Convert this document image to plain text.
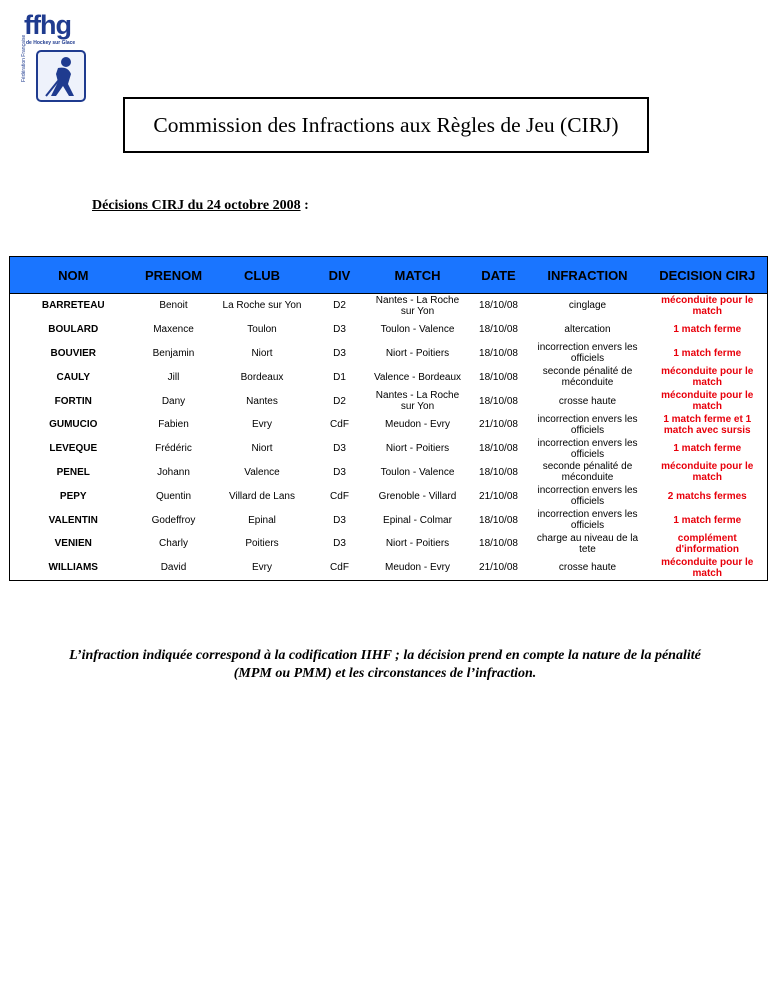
ffhg
de Hockey sur Glace
Fédération Française
Commission des Infractions aux Règles de Jeu (CIRJ)
Décisions CIRJ du 24 octobre 2008 :
NOM	PRENOM	CLUB	DIV	MATCH	DATE	INFRACTION	DECISION CIRJ
BARRETEAU	Benoit	La Roche sur Yon	D2	Nantes - La Roche sur Yon	18/10/08	cinglage	méconduite pour le match
BOULARD	Maxence	Toulon	D3	Toulon - Valence	18/10/08	altercation	1 match ferme
BOUVIER	Benjamin	Niort	D3	Niort - Poitiers	18/10/08	incorrection envers les officiels	1 match ferme
CAULY	Jill	Bordeaux	D1	Valence - Bordeaux	18/10/08	seconde pénalité de méconduite	méconduite pour le match
FORTIN	Dany	Nantes	D2	Nantes - La Roche sur Yon	18/10/08	crosse haute	méconduite pour le match
GUMUCIO	Fabien	Evry	CdF	Meudon - Evry	21/10/08	incorrection envers les officiels	1 match ferme et 1 match avec sursis
LEVEQUE	Frédéric	Niort	D3	Niort - Poitiers	18/10/08	incorrection envers les officiels	1 match ferme
PENEL	Johann	Valence	D3	Toulon - Valence	18/10/08	seconde pénalité de méconduite	méconduite pour le match
PEPY	Quentin	Villard de Lans	CdF	Grenoble - Villard	21/10/08	incorrection envers les officiels	2 matchs fermes
VALENTIN	Godeffroy	Epinal	D3	Epinal - Colmar	18/10/08	incorrection envers les officiels	1 match ferme
VENIEN	Charly	Poitiers	D3	Niort - Poitiers	18/10/08	charge au niveau de la tete	complément d'information
WILLIAMS	David	Evry	CdF	Meudon - Evry	21/10/08	crosse haute	méconduite pour le match
L’infraction indiquée correspond à la codification IIHF ; la décision prend en compte la nature de la pénalité (MPM ou PMM) et les circonstances de l’infraction.
